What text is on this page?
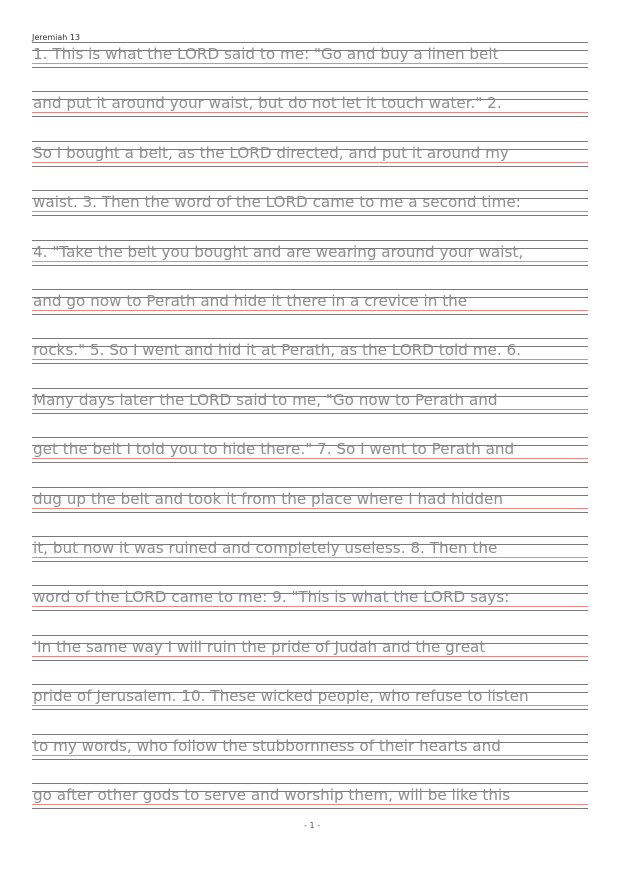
Jeremiah 13
1. This is what the LORD said to me: "Go and buy a linen belt
and put it around your waist, but do not let it touch water." 2.
So I bought a belt, as the LORD directed, and put it around my
waist. 3. Then the word of the LORD came to me a second time:
4. "Take the belt you bought and are wearing around your waist,
and go now to Perath and hide it there in a crevice in the
rocks." 5. So I went and hid it at Perath, as the LORD told me. 6.
Many days later the LORD said to me, "Go now to Perath and
get the belt I told you to hide there." 7. So I went to Perath and
dug up the belt and took it from the place where I had hidden
it, but now it was ruined and completely useless. 8. Then the
word of the LORD came to me: 9. "This is what the LORD says:
'In the same way I will ruin the pride of Judah and the great
pride of Jerusalem. 10. These wicked people, who refuse to listen
to my words, who follow the stubbornness of their hearts and
go after other gods to serve and worship them, will be like this
- 1 -
